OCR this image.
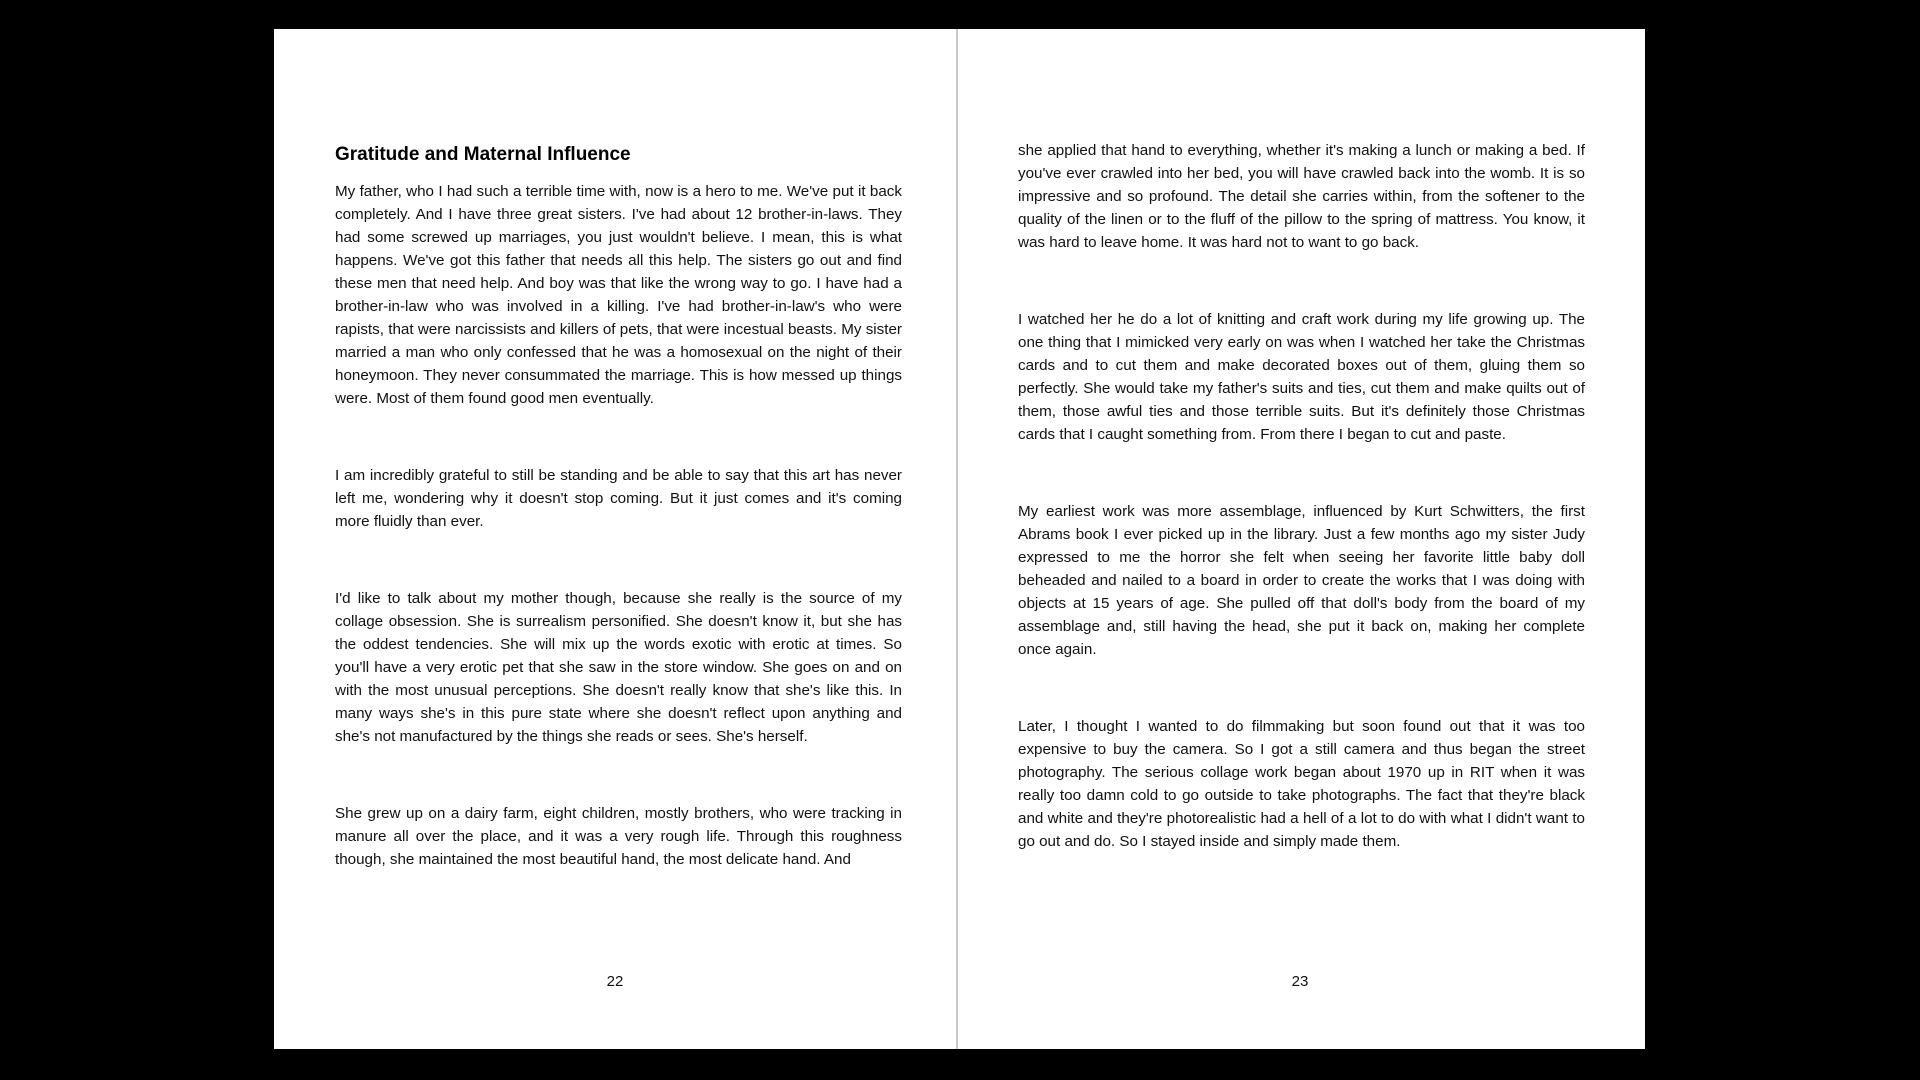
Gratitude and Maternal Influence

My father, who I had such a terrible time with, now is a hero to me. We've put it back completely. And I have three great sisters. I've had about 12 brother-in-laws. They had some screwed up marriages, you just wouldn't believe. I mean, this is what happens. We've got this father that needs all this help. The sisters go out and find these men that need help. And boy was that like the wrong way to go. I have had a brother-in-law who was involved in a killing. I've had brother-in-law's who were rapists, that were narcissists and killers of pets, that were incestual beasts. My sister married a man who only confessed that he was a homosexual on the night of their honeymoon. They never consummated the marriage. This is how messed up things were. Most of them found good men eventually.

I am incredibly grateful to still be standing and be able to say that this art has never left me, wondering why it doesn't stop coming. But it just comes and it's coming more fluidly than ever.

I'd like to talk about my mother though, because she really is the source of my collage obsession. She is surrealism personified. She doesn't know it, but she has the oddest tendencies. She will mix up the words exotic with erotic at times. So you'll have a very erotic pet that she saw in the store window. She goes on and on with the most unusual perceptions. She doesn't really know that she's like this. In many ways she's in this pure state where she doesn't reflect upon anything and she's not manufactured by the things she reads or sees. She's herself.

She grew up on a dairy farm, eight children, mostly brothers, who were tracking in manure all over the place, and it was a very rough life. Through this roughness though, she maintained the most beautiful hand, the most delicate hand. And

22

she applied that hand to everything, whether it's making a lunch or making a bed. If you've ever crawled into her bed, you will have crawled back into the womb. It is so impressive and so profound. The detail she carries within, from the softener to the quality of the linen or to the fluff of the pillow to the spring of mattress. You know, it was hard to leave home. It was hard not to want to go back.

I watched her he do a lot of knitting and craft work during my life growing up. The one thing that I mimicked very early on was when I watched her take the Christmas cards and to cut them and make decorated boxes out of them, gluing them so perfectly. She would take my father's suits and ties, cut them and make quilts out of them, those awful ties and those terrible suits. But it's definitely those Christmas cards that I caught something from. From there I began to cut and paste.

My earliest work was more assemblage, influenced by Kurt Schwitters, the first Abrams book I ever picked up in the library. Just a few months ago my sister Judy expressed to me the horror she felt when seeing her favorite little baby doll beheaded and nailed to a board in order to create the works that I was doing with objects at 15 years of age. She pulled off that doll's body from the board of my assemblage and, still having the head, she put it back on, making her complete once again.

Later, I thought I wanted to do filmmaking but soon found out that it was too expensive to buy the camera. So I got a still camera and thus began the street photography. The serious collage work began about 1970 up in RIT when it was really too damn cold to go outside to take photographs. The fact that they're black and white and they're photorealistic had a hell of a lot to do with what I didn't want to go out and do. So I stayed inside and simply made them.

23
